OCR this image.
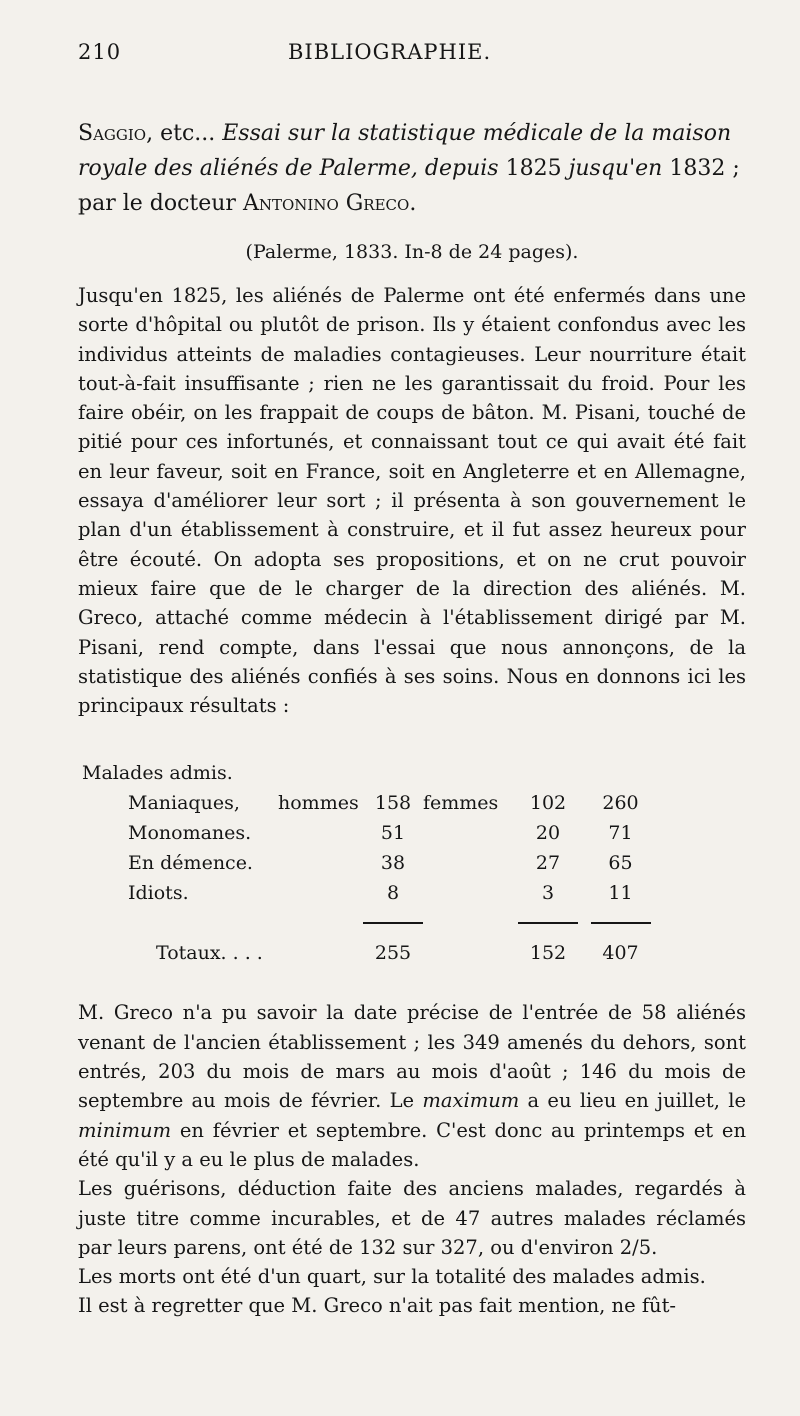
210	BIBLIOGRAPHIE.
Saggio, etc... Essai sur la statistique médicale de la maison royale des aliénés de Palerme, depuis 1825 jusqu'en 1832 ; par le docteur Antonino Greco.
(Palerme, 1833. In-8 de 24 pages).

Jusqu'en 1825, les aliénés de Palerme ont été enfermés dans une sorte d'hôpital ou plutôt de prison. Ils y étaient confondus avec les individus atteints de maladies contagieuses. Leur nourriture était tout-à-fait insuffisante ; rien ne les garantissait du froid. Pour les faire obéir, on les frappait de coups de bâton. M. Pisani, touché de pitié pour ces infortunés, et connaissant tout ce qui avait été fait en leur faveur, soit en France, soit en Angleterre et en Allemagne, essaya d'améliorer leur sort ; il présenta à son gouvernement le plan d'un établissement à construire, et il fut assez heureux pour être écouté. On adopta ses propositions, et on ne crut pouvoir mieux faire que de le charger de la direction des aliénés. M. Greco, attaché comme médecin à l'établissement dirigé par M. Pisani, rend compte, dans l'essai que nous annonçons, de la statistique des aliénés confiés à ses soins. Nous en donnons ici les principaux résultats :

Malades admis.
Maniaques,	hommes	158	femmes	102	260
Monomanes.		51		20	71
En démence.		38		27	65
Idiots.		8		3	11

Totaux. . . .		255		152	407

M. Greco n'a pu savoir la date précise de l'entrée de 58 aliénés venant de l'ancien établissement ; les 349 amenés du dehors, sont entrés, 203 du mois de mars au mois d'août ; 146 du mois de septembre au mois de février. Le maximum a eu lieu en juillet, le minimum en février et septembre. C'est donc au printemps et en été qu'il y a eu le plus de malades.

Les guérisons, déduction faite des anciens malades, regardés à juste titre comme incurables, et de 47 autres malades réclamés par leurs parens, ont été de 132 sur 327, ou d'environ 2/5.

Les morts ont été d'un quart, sur la totalité des malades admis.

Il est à regretter que M. Greco n'ait pas fait mention, ne fût-
